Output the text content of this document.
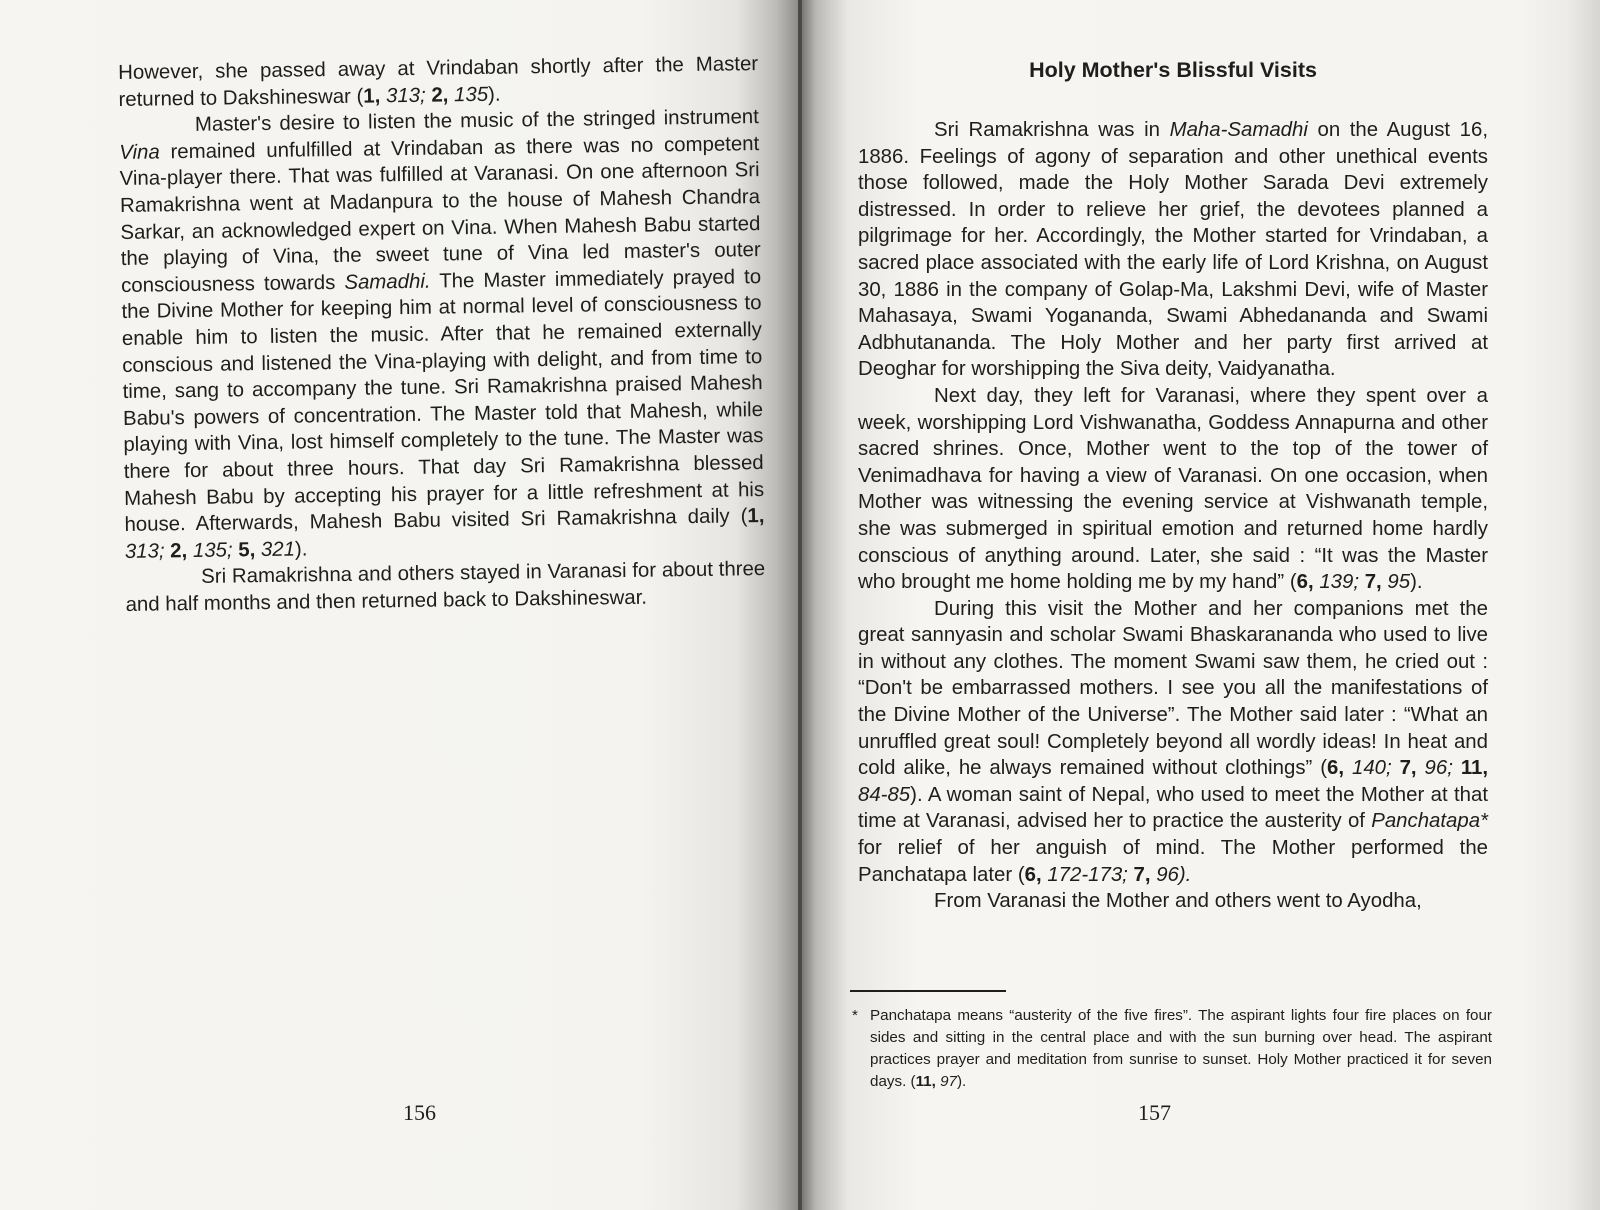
However, she passed away at Vrindaban shortly after the Master returned to Dakshineswar (1, 313; 2, 135).

Master's desire to listen the music of the stringed instrument Vina remained unfulfilled at Vrindaban as there was no competent Vina-player there. That was fulfilled at Varanasi. On one afternoon Sri Ramakrishna went at Madanpura to the house of Mahesh Chandra Sarkar, an acknowledged expert on Vina. When Mahesh Babu started the playing of Vina, the sweet tune of Vina led master's outer consciousness towards Samadhi. The Master immediately prayed to the Divine Mother for keeping him at normal level of consciousness to enable him to listen the music. After that he remained externally conscious and listened the Vina-playing with delight, and from time to time, sang to accompany the tune. Sri Ramakrishna praised Mahesh Babu's powers of concentration. The Master told that Mahesh, while playing with Vina, lost himself completely to the tune. The Master was there for about three hours. That day Sri Ramakrishna blessed Mahesh Babu by accepting his prayer for a little refreshment at his house. Afterwards, Mahesh Babu visited Sri Ramakrishna daily (1, 313; 2, 135; 5, 321).

Sri Ramakrishna and others stayed in Varanasi for about three and half months and then returned back to Dakshineswar.

156
Holy Mother's Blissful Visits

Sri Ramakrishna was in Maha-Samadhi on the August 16, 1886. Feelings of agony of separation and other unethical events those followed, made the Holy Mother Sarada Devi extremely distressed. In order to relieve her grief, the devotees planned a pilgrimage for her. Accordingly, the Mother started for Vrindaban, a sacred place associated with the early life of Lord Krishna, on August 30, 1886 in the company of Golap-Ma, Lakshmi Devi, wife of Master Mahasaya, Swami Yogananda, Swami Abhedananda and Swami Adbhutananda. The Holy Mother and her party first arrived at Deoghar for worshipping the Siva deity, Vaidyanatha.

Next day, they left for Varanasi, where they spent over a week, worshipping Lord Vishwanatha, Goddess Annapurna and other sacred shrines. Once, Mother went to the top of the tower of Venimadhava for having a view of Varanasi. On one occasion, when Mother was witnessing the evening service at Vishwanath temple, she was submerged in spiritual emotion and returned home hardly conscious of anything around. Later, she said : “It was the Master who brought me home holding me by my hand” (6, 139; 7, 95).

During this visit the Mother and her companions met the great sannyasin and scholar Swami Bhaskarananda who used to live in without any clothes. The moment Swami saw them, he cried out : “Don't be embarrassed mothers. I see you all the manifestations of the Divine Mother of the Universe”. The Mother said later : “What an unruffled great soul! Completely beyond all wordly ideas! In heat and cold alike, he always remained without clothings” (6, 140; 7, 96; 11, 84-85). A woman saint of Nepal, who used to meet the Mother at that time at Varanasi, advised her to practice the austerity of Panchatapa* for relief of her anguish of mind. The Mother performed the Panchatapa later (6, 172-173; 7, 96).

From Varanasi the Mother and others went to Ayodha,

* Panchatapa means “austerity of the five fires”. The aspirant lights four fire places on four sides and sitting in the central place and with the sun burning over head. The aspirant practices prayer and meditation from sunrise to sunset. Holy Mother practiced it for seven days. (11, 97).
157
